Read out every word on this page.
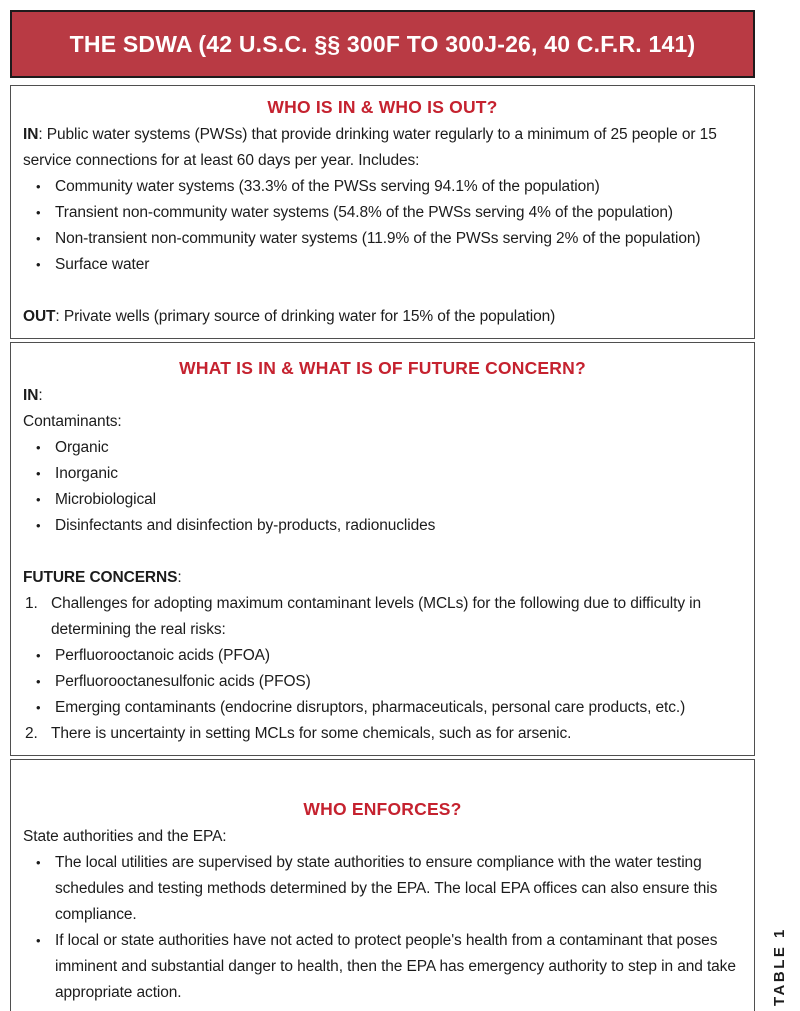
THE SDWA (42 U.S.C. §§ 300F TO 300J-26, 40 C.F.R. 141)
WHO IS IN & WHO IS OUT?

IN: Public water systems (PWSs) that provide drinking water regularly to a minimum of 25 people or 15 service connections for at least 60 days per year. Includes:

• Community water systems (33.3% of the PWSs serving 94.1% of the population)
• Transient non-community water systems (54.8% of the PWSs serving 4% of the population)
• Non-transient non-community water systems (11.9% of the PWSs serving 2% of the population)
• Surface water

OUT: Private wells (primary source of drinking water for 15% of the population)

WHAT IS IN & WHAT IS OF FUTURE CONCERN?

IN:

Contaminants:

• Organic
• Inorganic
• Microbiological
• Disinfectants and disinfection by-products, radionuclides

FUTURE CONCERNS:

1. Challenges for adopting maximum contaminant levels (MCLs) for the following due to difficulty in determining the real risks:
• Perfluorooctanoic acids (PFOA)
• Perfluorooctanesulfonic acids (PFOS)
• Emerging contaminants (endocrine disruptors, pharmaceuticals, personal care products, etc.)
2. There is uncertainty in setting MCLs for some chemicals, such as for arsenic.
WHO ENFORCES?

State authorities and the EPA:

• The local utilities are supervised by state authorities to ensure compliance with the water testing schedules and testing methods determined by the EPA. The local EPA offices can also ensure this compliance.
• If local or state authorities have not acted to protect people's health from a contaminant that poses imminent and substantial danger to health, then the EPA has emergency authority to step in and take appropriate action.	TABLE 1
